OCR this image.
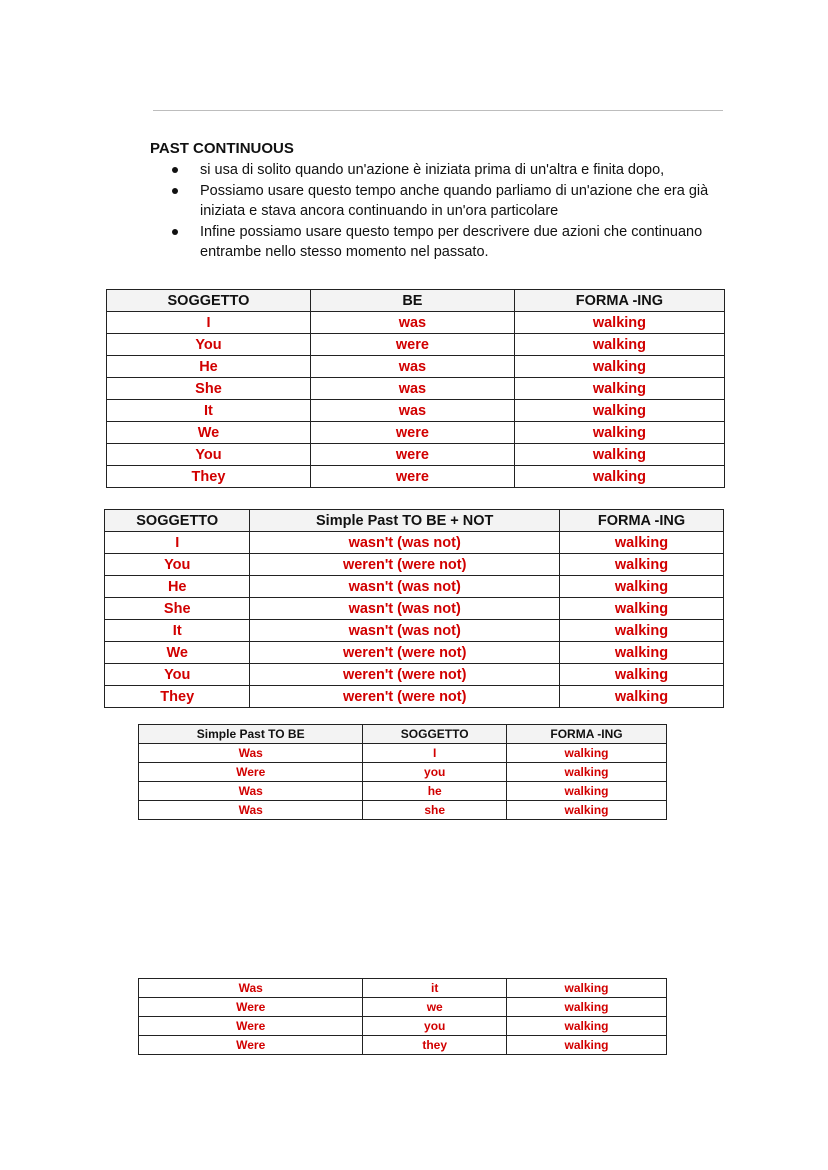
PAST CONTINUOUS

si usa di solito quando un'azione è iniziata prima di un'altra e finita dopo,
Possiamo usare questo tempo anche quando parliamo di un'azione che era già iniziata e stava ancora continuando in un'ora particolare
Infine possiamo usare questo tempo per descrivere due azioni che continuano entrambe nello stesso momento nel passato.
SOGGETTO	BE	FORMA -ING
I	was	walking
You	were	walking
He	was	walking
She	was	walking
It	was	walking
We	were	walking
You	were	walking
They	were	walking
SOGGETTO	Simple Past TO BE + NOT	FORMA -ING
I	wasn't (was not)	walking
You	weren't (were not)	walking
He	wasn't (was not)	walking
She	wasn't (was not)	walking
It	wasn't (was not)	walking
We	weren't (were not)	walking
You	weren't (were not)	walking
They	weren't (were not)	walking
Simple Past TO BE	SOGGETTO	FORMA -ING
Was	I	walking
Were	you	walking
Was	he	walking
Was	she	walking
Was	it	walking
Were	we	walking
Were	you	walking
Were	they	walking
